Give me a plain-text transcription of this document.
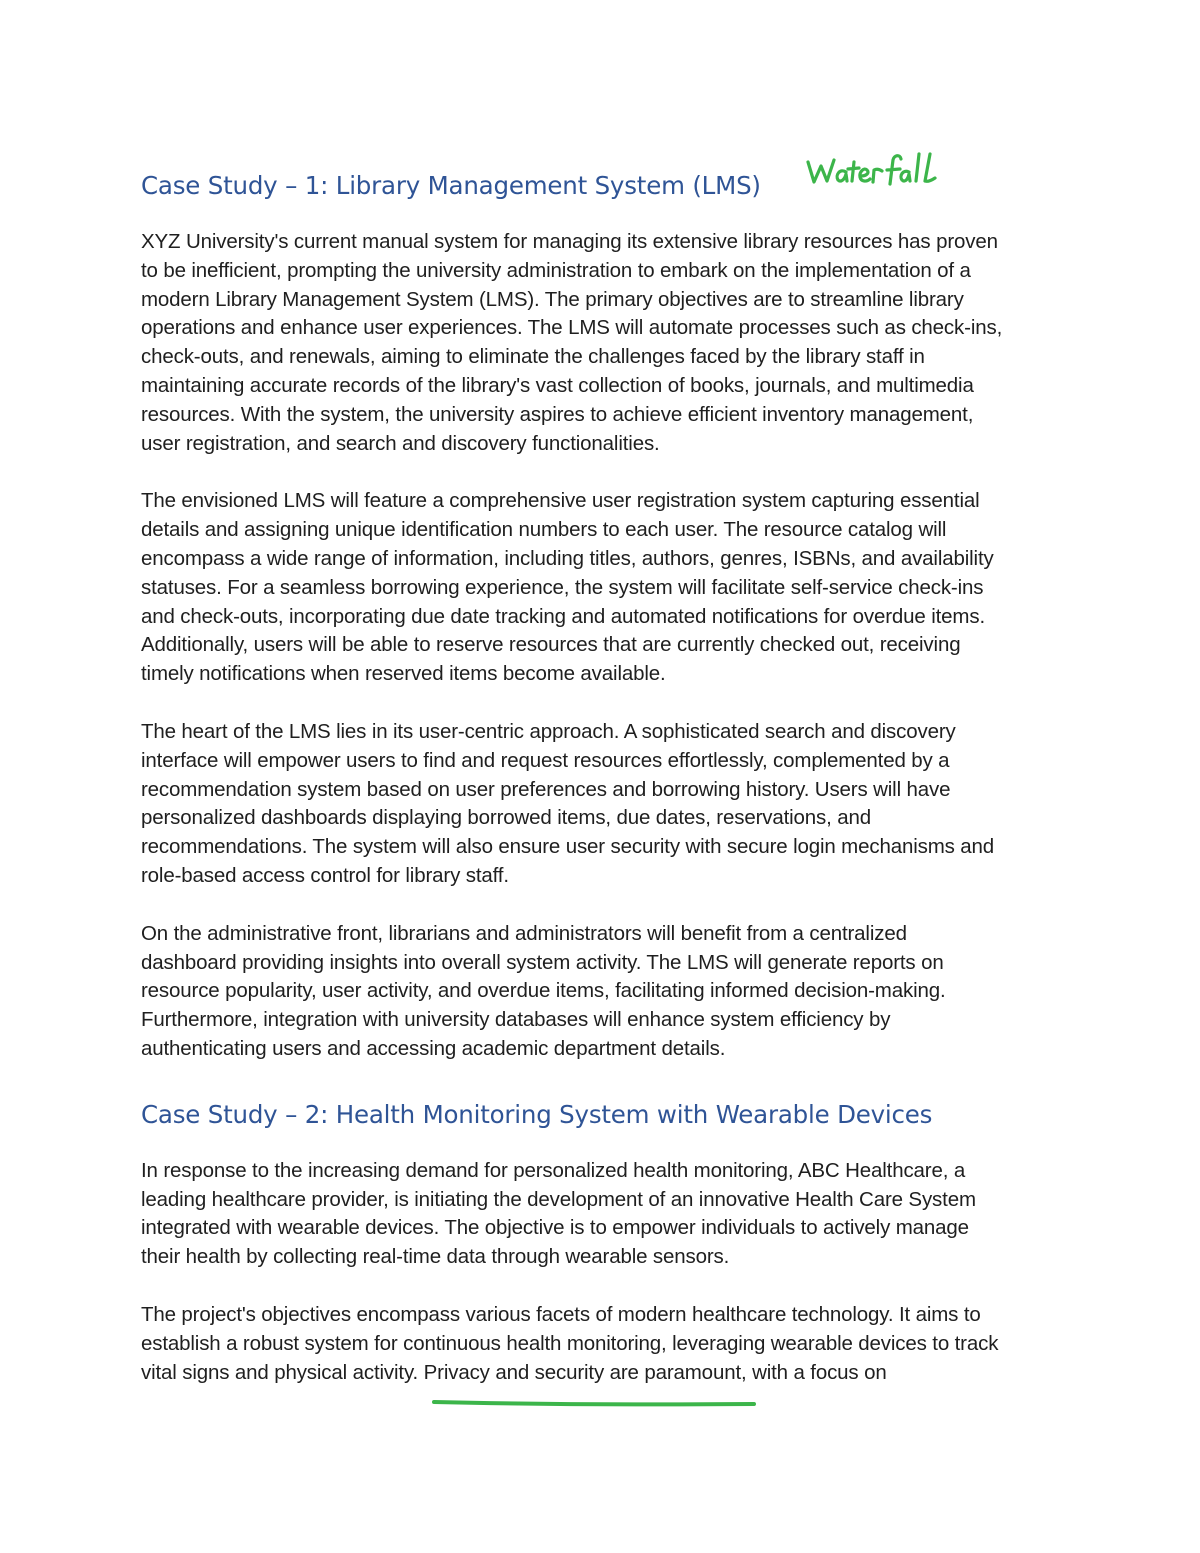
Case Study – 1: Library Management System (LMS)

XYZ University's current manual system for managing its extensive library resources has proven
to be inefficient, prompting the university administration to embark on the implementation of a
modern Library Management System (LMS). The primary objectives are to streamline library
operations and enhance user experiences. The LMS will automate processes such as check-ins,
check-outs, and renewals, aiming to eliminate the challenges faced by the library staff in
maintaining accurate records of the library's vast collection of books, journals, and multimedia
resources. With the system, the university aspires to achieve efficient inventory management,
user registration, and search and discovery functionalities.

The envisioned LMS will feature a comprehensive user registration system capturing essential
details and assigning unique identification numbers to each user. The resource catalog will
encompass a wide range of information, including titles, authors, genres, ISBNs, and availability
statuses. For a seamless borrowing experience, the system will facilitate self-service check-ins
and check-outs, incorporating due date tracking and automated notifications for overdue items.
Additionally, users will be able to reserve resources that are currently checked out, receiving
timely notifications when reserved items become available.

The heart of the LMS lies in its user-centric approach. A sophisticated search and discovery
interface will empower users to find and request resources effortlessly, complemented by a
recommendation system based on user preferences and borrowing history. Users will have
personalized dashboards displaying borrowed items, due dates, reservations, and
recommendations. The system will also ensure user security with secure login mechanisms and
role-based access control for library staff.

On the administrative front, librarians and administrators will benefit from a centralized
dashboard providing insights into overall system activity. The LMS will generate reports on
resource popularity, user activity, and overdue items, facilitating informed decision-making.
Furthermore, integration with university databases will enhance system efficiency by
authenticating users and accessing academic department details.

Case Study – 2: Health Monitoring System with Wearable Devices

In response to the increasing demand for personalized health monitoring, ABC Healthcare, a
leading healthcare provider, is initiating the development of an innovative Health Care System
integrated with wearable devices. The objective is to empower individuals to actively manage
their health by collecting real-time data through wearable sensors.

The project's objectives encompass various facets of modern healthcare technology. It aims to
establish a robust system for continuous health monitoring, leveraging wearable devices to track
vital signs and physical activity. Privacy and security are paramount, with a focus on
